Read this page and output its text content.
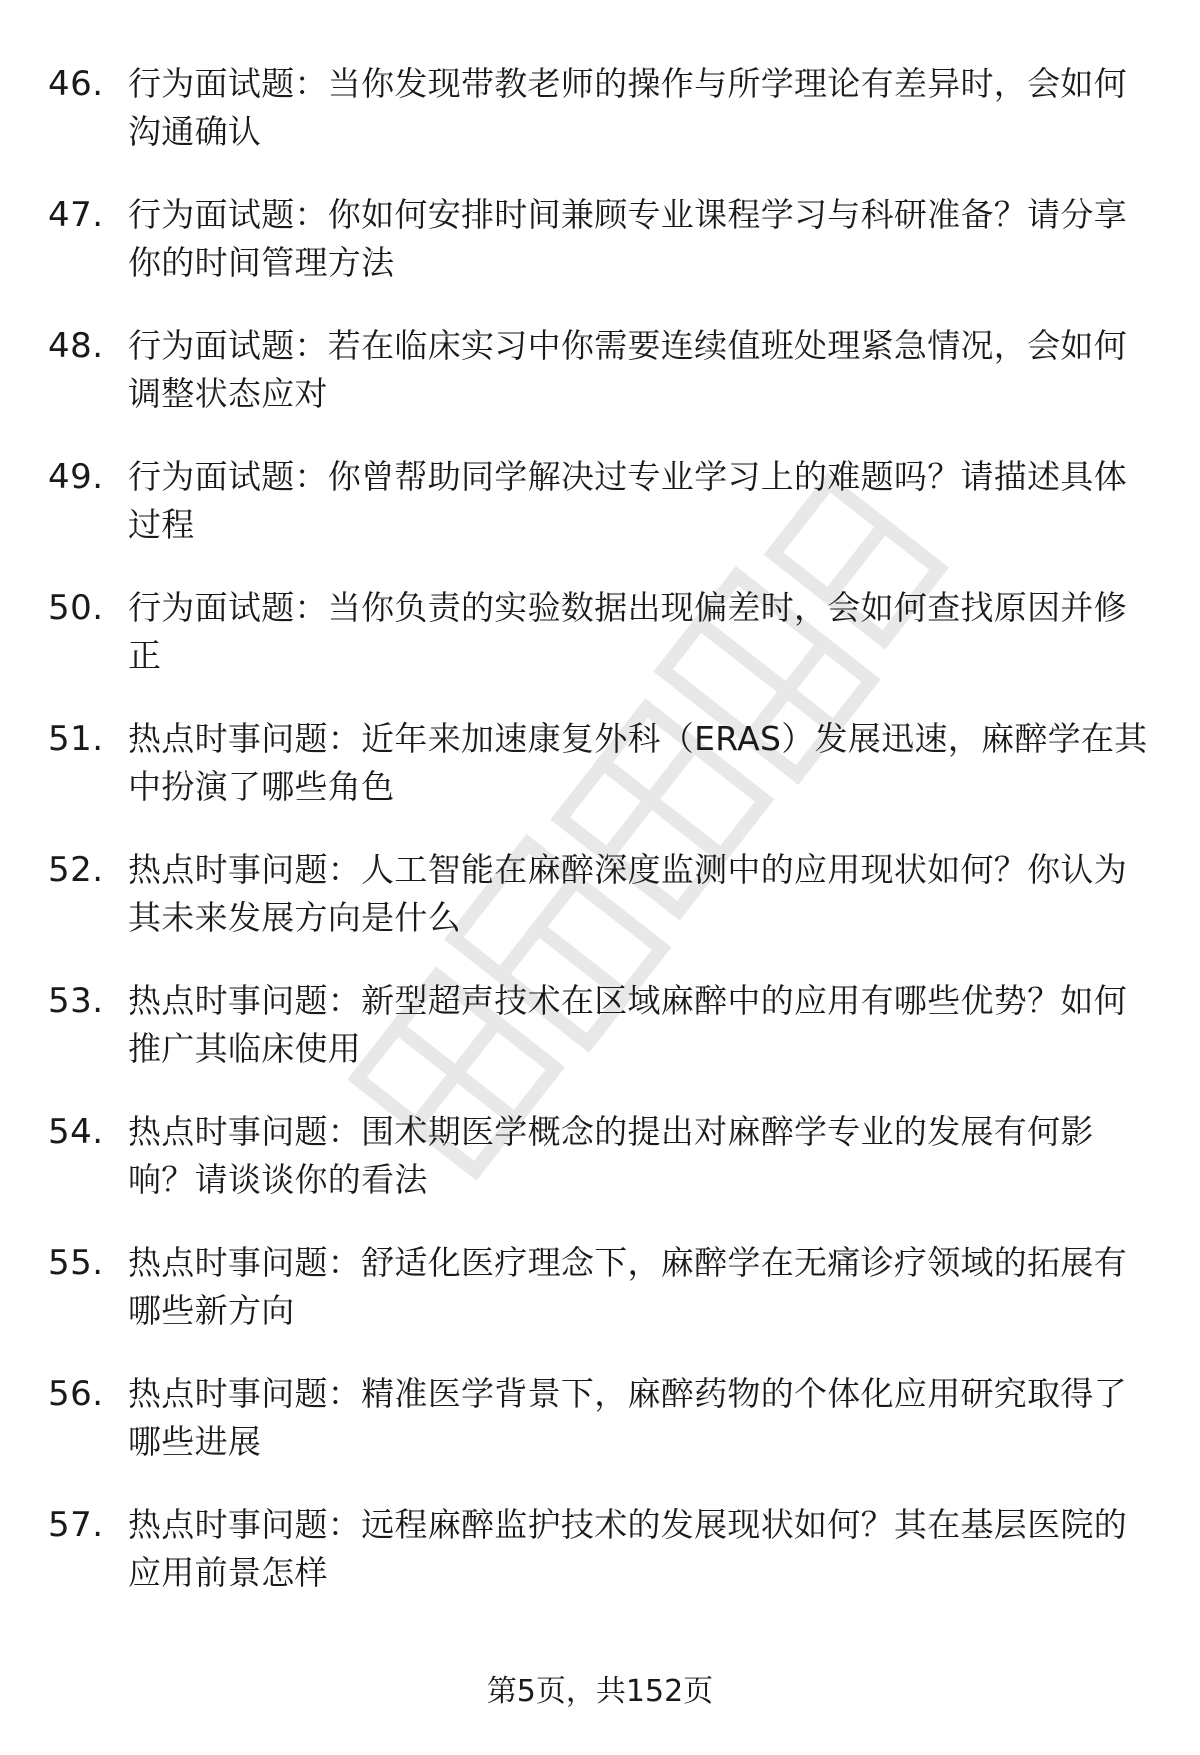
46. 行为面试题：当你发现带教老师的操作与所学理论有差异时，会如何沟通确认
47. 行为面试题：你如何安排时间兼顾专业课程学习与科研准备？请分享你的时间管理方法
48. 行为面试题：若在临床实习中你需要连续值班处理紧急情况，会如何调整状态应对
49. 行为面试题：你曾帮助同学解决过专业学习上的难题吗？请描述具体过程
50. 行为面试题：当你负责的实验数据出现偏差时，会如何查找原因并修正
51. 热点时事问题：近年来加速康复外科（ERAS）发展迅速，麻醉学在其中扮演了哪些角色
52. 热点时事问题：人工智能在麻醉深度监测中的应用现状如何？你认为其未来发展方向是什么
53. 热点时事问题：新型超声技术在区域麻醉中的应用有哪些优势？如何推广其临床使用
54. 热点时事问题：围术期医学概念的提出对麻醉学专业的发展有何影响？请谈谈你的看法
55. 热点时事问题：舒适化医疗理念下，麻醉学在无痛诊疗领域的拓展有哪些新方向
56. 热点时事问题：精准医学背景下，麻醉药物的个体化应用研究取得了哪些进展
57. 热点时事问题：远程麻醉监护技术的发展现状如何？其在基层医院的应用前景怎样
第5页，共152页
